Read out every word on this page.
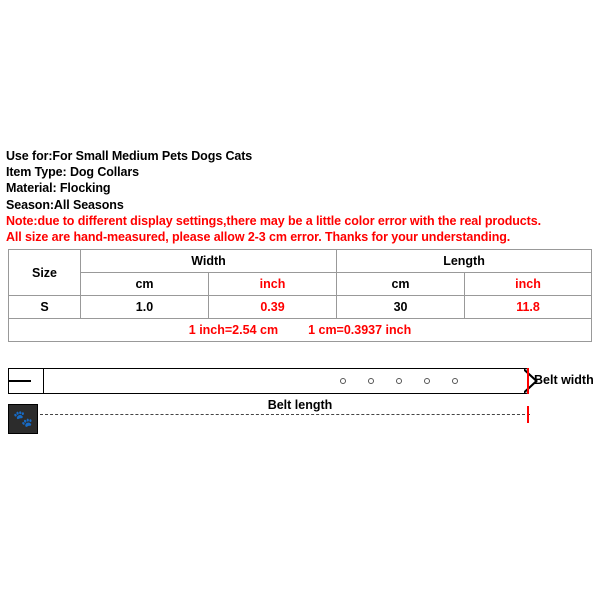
Use for:For Small Medium Pets Dogs Cats
Item Type: Dog Collars
Material: Flocking
Season:All Seasons
Note:due to different display settings,there may be a little color error with the real products.
All size are hand-measured, please allow 2-3 cm error. Thanks for your understanding.
Size	Width		Length	
	cm	inch	cm	inch
S	1.0	0.39	30	11.8

1 inch=2.54 cm 1 cm=0.3937 inch				
Belt width
Belt length
🐾
